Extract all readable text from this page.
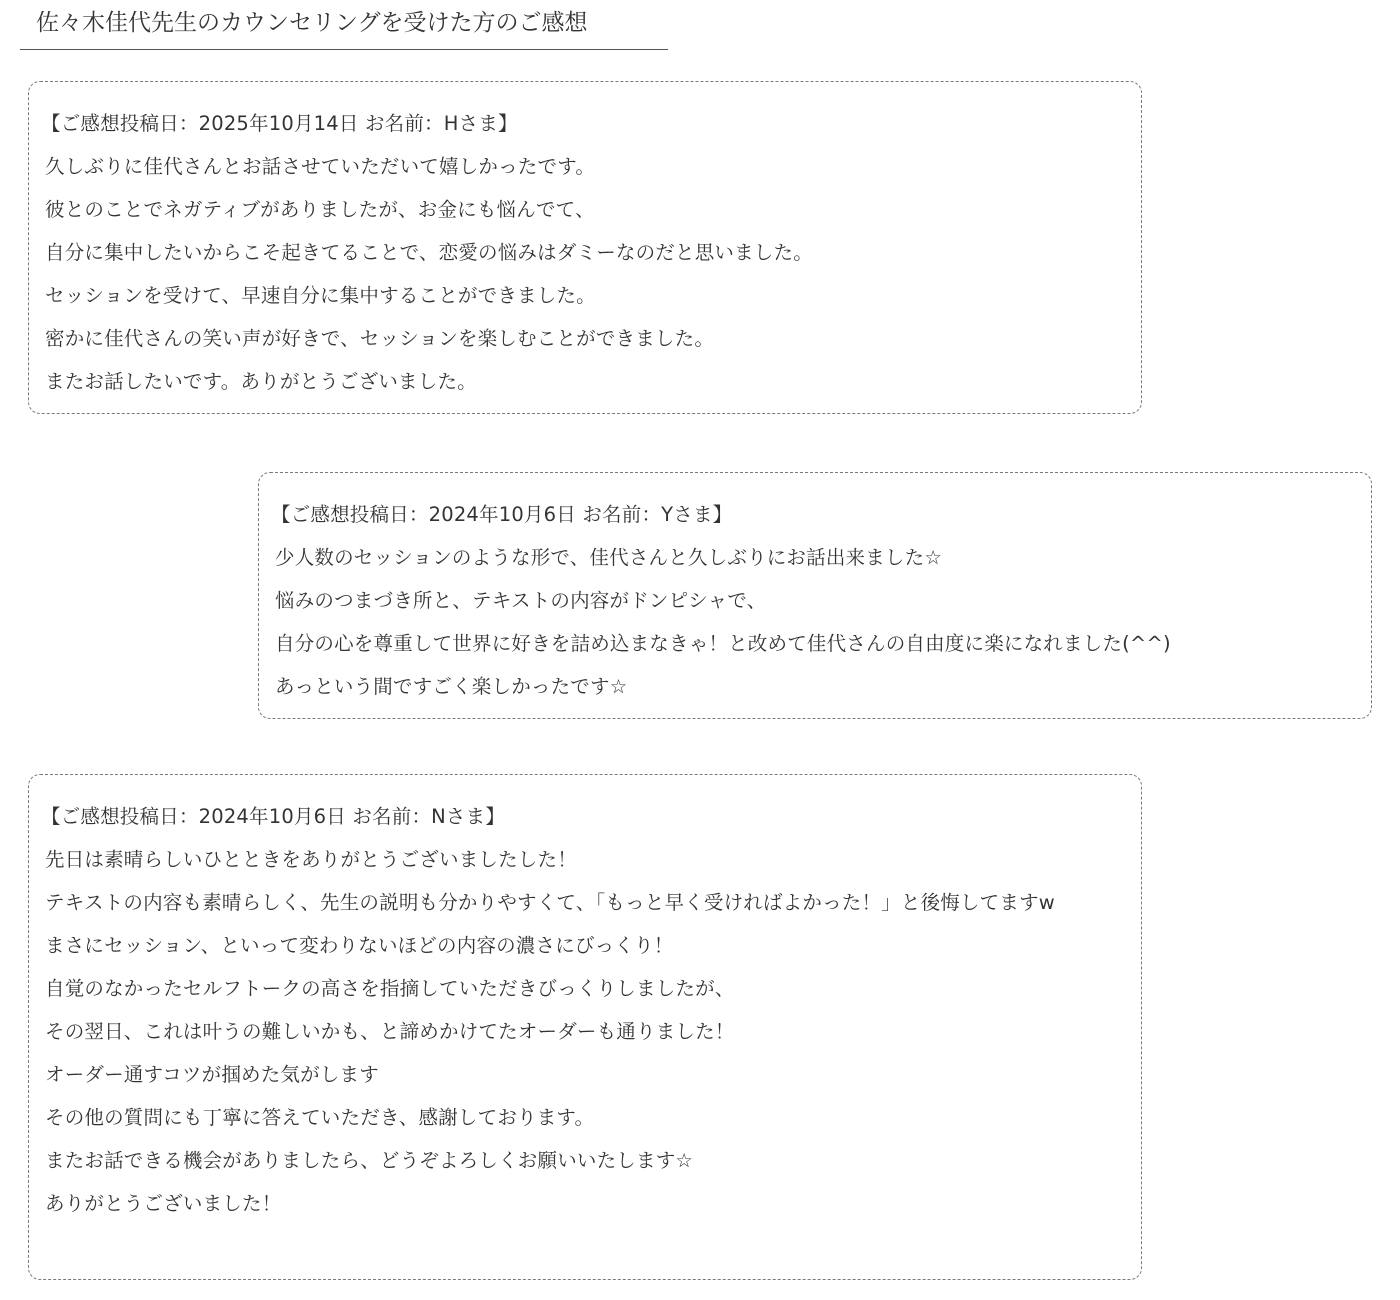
佐々木佳代先生のカウンセリングを受けた方のご感想

【ご感想投稿日：2025年10月14日 お名前：Hさま】

久しぶりに佳代さんとお話させていただいて嬉しかったです。

彼とのことでネガティブがありましたが、お金にも悩んでて、

自分に集中したいからこそ起きてることで、恋愛の悩みはダミーなのだと思いました。

セッションを受けて、早速自分に集中することができました。

密かに佳代さんの笑い声が好きで、セッションを楽しむことができました。

またお話したいです。ありがとうございました。

【ご感想投稿日：2024年10月6日 お名前：Yさま】

少人数のセッションのような形で、佳代さんと久しぶりにお話出来ました☆

悩みのつまづき所と、テキストの内容がドンピシャで、

自分の心を尊重して世界に好きを詰め込まなきゃ！と改めて佳代さんの自由度に楽になれました(^^)

あっという間ですごく楽しかったです☆

【ご感想投稿日：2024年10月6日 お名前：Nさま】

先日は素晴らしいひとときをありがとうございましたした！

テキストの内容も素晴らしく、先生の説明も分かりやすくて、「もっと早く受ければよかった！」と後悔してますw

まさにセッション、といって変わりないほどの内容の濃さにびっくり！

自覚のなかったセルフトークの高さを指摘していただきびっくりしましたが、

その翌日、これは叶うの難しいかも、と諦めかけてたオーダーも通りました！

オーダー通すコツが掴めた気がします

その他の質問にも丁寧に答えていただき、感謝しております。

またお話できる機会がありましたら、どうぞよろしくお願いいたします☆

ありがとうございました！
